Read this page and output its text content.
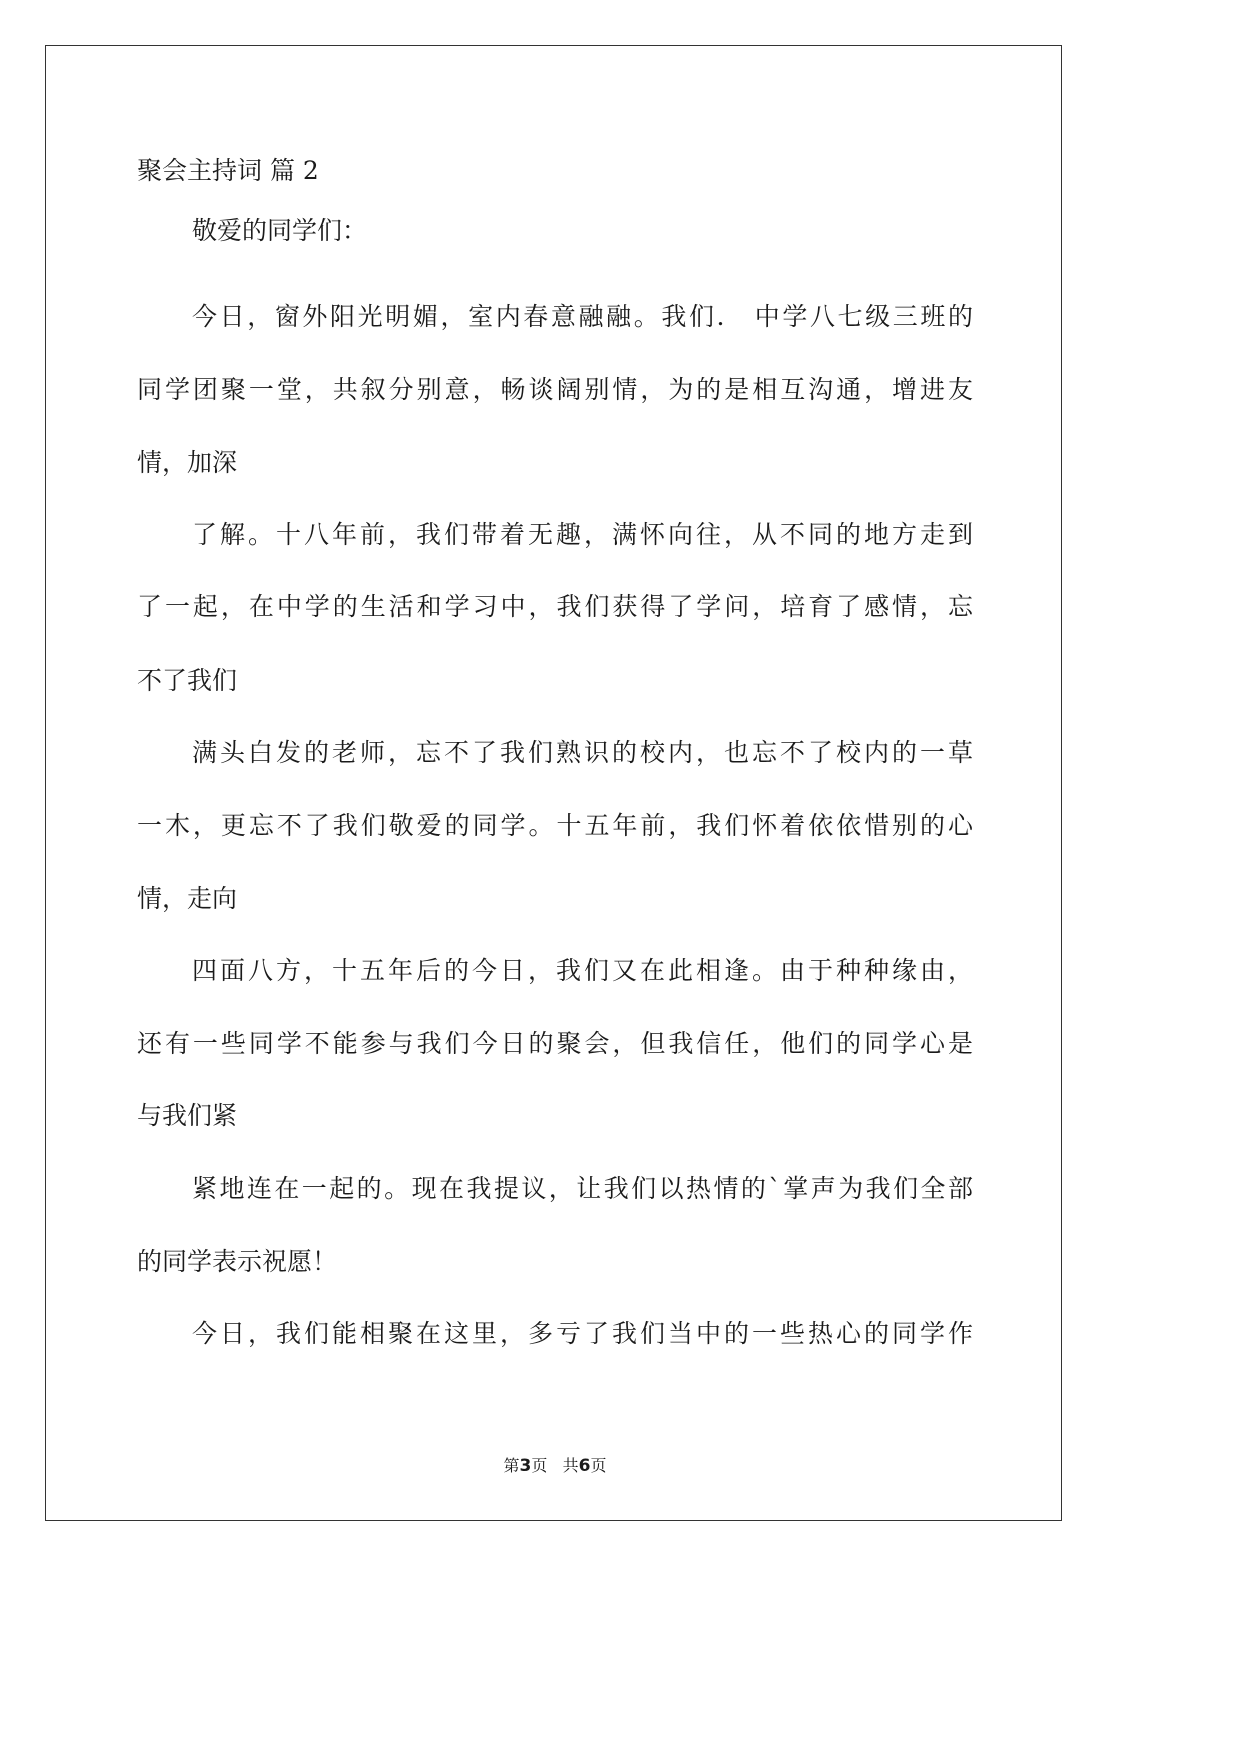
聚会主持词 篇 2
敬爱的同学们：
今日，窗外阳光明媚，室内春意融融。我们． 中学八七级三班的
同学团聚一堂，共叙分别意，畅谈阔别情，为的是相互沟通，增进友
情，加深
了解。十八年前，我们带着无趣，满怀向往，从不同的地方走到
了一起，在中学的生活和学习中，我们获得了学问，培育了感情，忘
不了我们
满头白发的老师，忘不了我们熟识的校内，也忘不了校内的一草
一木，更忘不了我们敬爱的同学。十五年前，我们怀着依依惜别的心
情，走向
四面八方，十五年后的今日，我们又在此相逢。由于种种缘由，
还有一些同学不能参与我们今日的聚会，但我信任，他们的同学心是
与我们紧
紧地连在一起的。现在我提议，让我们以热情的`掌声为我们全部
的同学表示祝愿！
今日，我们能相聚在这里，多亏了我们当中的一些热心的同学作
第3页 共6页
